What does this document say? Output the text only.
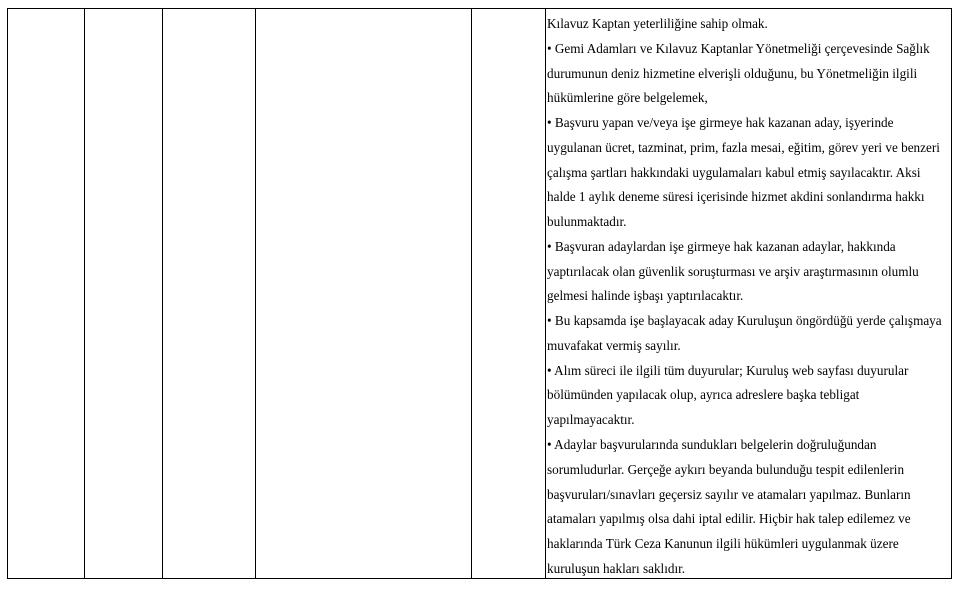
Kılavuz Kaptan yeterliliğine sahip olmak.
• Gemi Adamları ve Kılavuz Kaptanlar Yönetmeliği çerçevesinde Sağlık
durumunun deniz hizmetine elverişli olduğunu, bu Yönetmeliğin ilgili
hükümlerine göre belgelemek,
• Başvuru yapan ve/veya işe girmeye hak kazanan aday, işyerinde
uygulanan ücret, tazminat, prim, fazla mesai, eğitim, görev yeri ve benzeri
çalışma şartları hakkındaki uygulamaları kabul etmiş sayılacaktır. Aksi
halde 1 aylık deneme süresi içerisinde hizmet akdini sonlandırma hakkı
bulunmaktadır.
• Başvuran adaylardan işe girmeye hak kazanan adaylar, hakkında
yaptırılacak olan güvenlik soruşturması ve arşiv araştırmasının olumlu
gelmesi halinde işbaşı yaptırılacaktır.
• Bu kapsamda işe başlayacak aday Kuruluşun öngördüğü yerde çalışmaya
muvafakat vermiş sayılır.
• Alım süreci ile ilgili tüm duyurular; Kuruluş web sayfası duyurular
bölümünden yapılacak olup, ayrıca adreslere başka tebligat
yapılmayacaktır.
• Adaylar başvurularında sundukları belgelerin doğruluğundan
sorumludurlar. Gerçeğe aykırı beyanda bulunduğu tespit edilenlerin
başvuruları/sınavları geçersiz sayılır ve atamaları yapılmaz. Bunların
atamaları yapılmış olsa dahi iptal edilir. Hiçbir hak talep edilemez ve
haklarında Türk Ceza Kanunun ilgili hükümleri uygulanmak üzere
kuruluşun hakları saklıdır.
